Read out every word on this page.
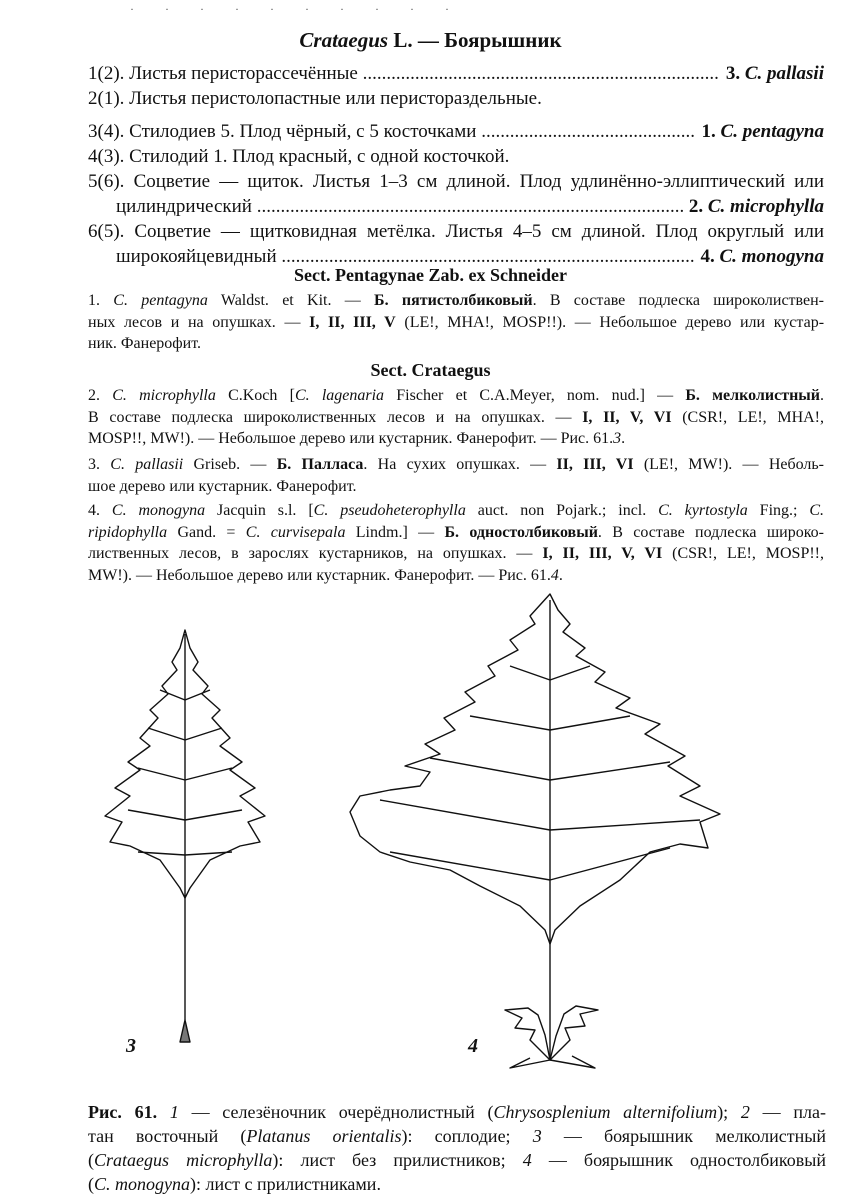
· · · · · · · · · ·
Crataegus L. — Боярышник
1(2). Листья перисторассечённые .....	3. C. pallasii
2(1). Листья перистолопастные или перистораздельные.
3(4). Стилодиев 5. Плод чёрный, с 5 косточками .....	1. C. pentagyna
4(3). Стилодий 1. Плод красный, с одной косточкой.
5(6). Соцветие — щиток. Листья 1–3 см длиной. Плод удлинённо-эллиптический или
цилиндрический .....	2. C. microphylla
6(5). Соцветие — щитковидная метёлка. Листья 4–5 см длиной. Плод округлый или
широкояйцевидный .....	4. C. monogyna
Sect. Pentagynae Zab. ex Schneider
1. C. pentagyna Waldst. et Kit. — Б. пятистолбиковый. В составе подлеска широколиствен-
ных лесов и на опушках. — I, II, III, V (LE!, MHA!, MOSP!!). — Небольшое дерево или кустар-
ник. Фанерофит.
Sect. Crataegus
2. C. microphylla C.Koch [C. lagenaria Fischer et C.A.Meyer, nom. nud.] — Б. мелколистный.
В составе подлеска широколиственных лесов и на опушках. — I, II, V, VI (CSR!, LE!, MHA!,
MOSP!!, MW!). — Небольшое дерево или кустарник. Фанерофит. — Рис. 61.3.
3. C. pallasii Griseb. — Б. Палласа. На сухих опушках. — II, III, VI (LE!, MW!). — Неболь-
шое дерево или кустарник. Фанерофит.
4. C. monogyna Jacquin s.l. [C. pseudoheterophylla auct. non Pojark.; incl. C. kyrtostyla Fing.; C.
ripidophylla Gand. = C. curvisepala Lindm.] — Б. одностолбиковый. В составе подлеска широко-
лиственных лесов, в зарослях кустарников, на опушках. — I, II, III, V, VI (CSR!, LE!, MOSP!!,
MW!). — Небольшое дерево или кустарник. Фанерофит. — Рис. 61.4.
3	4
Рис. 61. 1 — селезёночник очерёднолистный (Chrysosplenium alternifolium); 2 — пла-
тан восточный (Platanus orientalis): соплодие; 3 — боярышник мелколистный
(Crataegus microphylla): лист без прилистников; 4 — боярышник одностолбиковый
(C. monogyna): лист с прилистниками.
